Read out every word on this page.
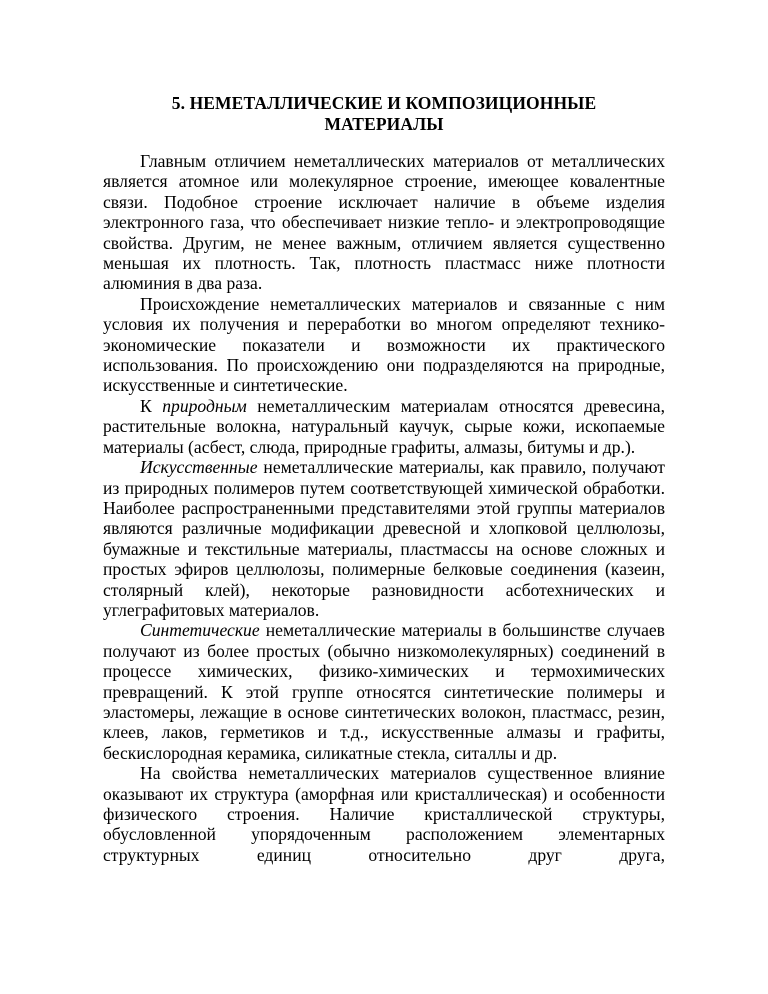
5. НЕМЕТАЛЛИЧЕСКИЕ И КОМПОЗИЦИОННЫЕ
МАТЕРИАЛЫ

Главным отличием неметаллических материалов от металлических является атомное или молекулярное строение, имеющее ковалентные связи. Подобное строение исключает наличие в объеме изделия электронного газа, что обеспечивает низкие тепло- и электропроводящие свойства. Другим, не менее важным, отличием является существенно меньшая их плотность. Так, плотность пластмасс ниже плотности алюминия в два раза.

Происхождение неметаллических материалов и связанные с ним условия их получения и переработки во многом определяют технико-экономические показатели и возможности их практического использования. По происхождению они подразделяются на природные, искусственные и синтетические.

К природным неметаллическим материалам относятся древесина, растительные волокна, натуральный каучук, сырые кожи, ископаемые материалы (асбест, слюда, природные графиты, алмазы, битумы и др.).

Искусственные неметаллические материалы, как правило, получают из природных полимеров путем соответствующей химической обработки. Наиболее распространенными представителями этой группы материалов являются различные модификации древесной и хлопковой целлюлозы, бумажные и текстильные материалы, пластмассы на основе сложных и простых эфиров целлюлозы, полимерные белковые соединения (казеин, столярный клей), некоторые разновидности асботехнических и углеграфитовых материалов.

Синтетические неметаллические материалы в большинстве случаев получают из более простых (обычно низкомолекулярных) соединений в процессе химических, физико-химических и термохимических превращений. К этой группе относятся синтетические полимеры и эластомеры, лежащие в основе синтетических волокон, пластмасс, резин, клеев, лаков, герметиков и т.д., искусственные алмазы и графиты, бескислородная керамика, силикатные стекла, ситаллы и др.

На свойства неметаллических материалов существенное влияние оказывают их структура (аморфная или кристаллическая) и особенности физического строения. Наличие кристаллической структуры, обусловленной упорядоченным расположением элементарных структурных единиц относительно друг друга,
